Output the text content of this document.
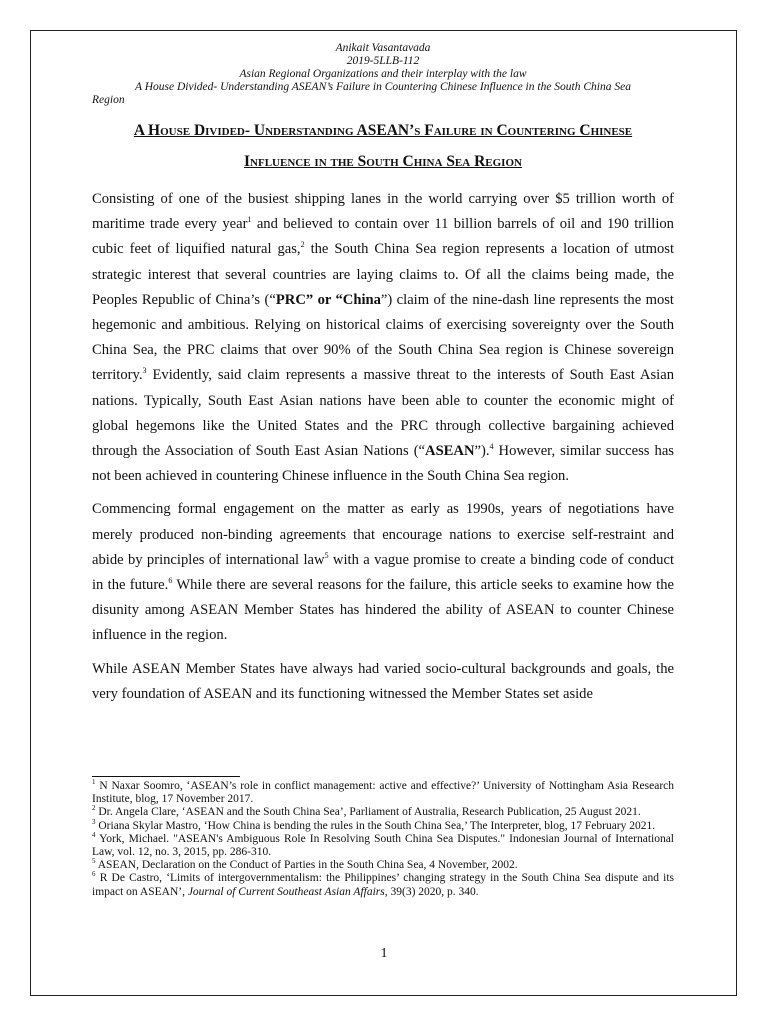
Anikait Vasantavada
2019-5LLB-112
Asian Regional Organizations and their interplay with the law
A House Divided- Understanding ASEAN’s Failure in Countering Chinese Influence in the South China Sea
Region
A House Divided- Understanding ASEAN’s Failure in Countering Chinese
Influence in the South China Sea Region

Consisting of one of the busiest shipping lanes in the world carrying over $5 trillion worth of maritime trade every year$^1$ and believed to contain over 11 billion barrels of oil and 190 trillion cubic feet of liquified natural gas,$^2$ the South China Sea region represents a location of utmost strategic interest that several countries are laying claims to. Of all the claims being made, the Peoples Republic of China’s (“PRC” or “China”) claim of the nine-dash line represents the most hegemonic and ambitious. Relying on historical claims of exercising sovereignty over the South China Sea, the PRC claims that over 90% of the South China Sea region is Chinese sovereign territory.$^3$ Evidently, said claim represents a massive threat to the interests of South East Asian nations. Typically, South East Asian nations have been able to counter the economic might of global hegemons like the United States and the PRC through collective bargaining achieved through the Association of South East Asian Nations (“ASEAN”).$^4$ However, similar success has not been achieved in countering Chinese influence in the South China Sea region.

Commencing formal engagement on the matter as early as 1990s, years of negotiations have merely produced non-binding agreements that encourage nations to exercise self-restraint and abide by principles of international law$^5$ with a vague promise to create a binding code of conduct in the future.$^6$ While there are several reasons for the failure, this article seeks to examine how the disunity among ASEAN Member States has hindered the ability of ASEAN to counter Chinese influence in the region.

While ASEAN Member States have always had varied socio-cultural backgrounds and goals, the very foundation of ASEAN and its functioning witnessed the Member States set aside

$^1$ N Naxar Soomro, ‘ASEAN’s role in conflict management: active and effective?’ University of Nottingham Asia Research Institute, blog, 17 November 2017.

$^2$ Dr. Angela Clare, ‘ASEAN and the South China Sea’, Parliament of Australia, Research Publication, 25 August 2021.

$^3$ Oriana Skylar Mastro, ‘How China is bending the rules in the South China Sea,’ The Interpreter, blog, 17 February 2021.

$^4$ York, Michael. "ASEAN's Ambiguous Role In Resolving South China Sea Disputes." Indonesian Journal of International Law, vol. 12, no. 3, 2015, pp. 286-310.

$^5$ ASEAN, Declaration on the Conduct of Parties in the South China Sea, 4 November, 2002.

$^6$ R De Castro, ‘Limits of intergovernmentalism: the Philippines’ changing strategy in the South China Sea dispute and its impact on ASEAN’, Journal of Current Southeast Asian Affairs, 39(3) 2020, p. 340.

1
